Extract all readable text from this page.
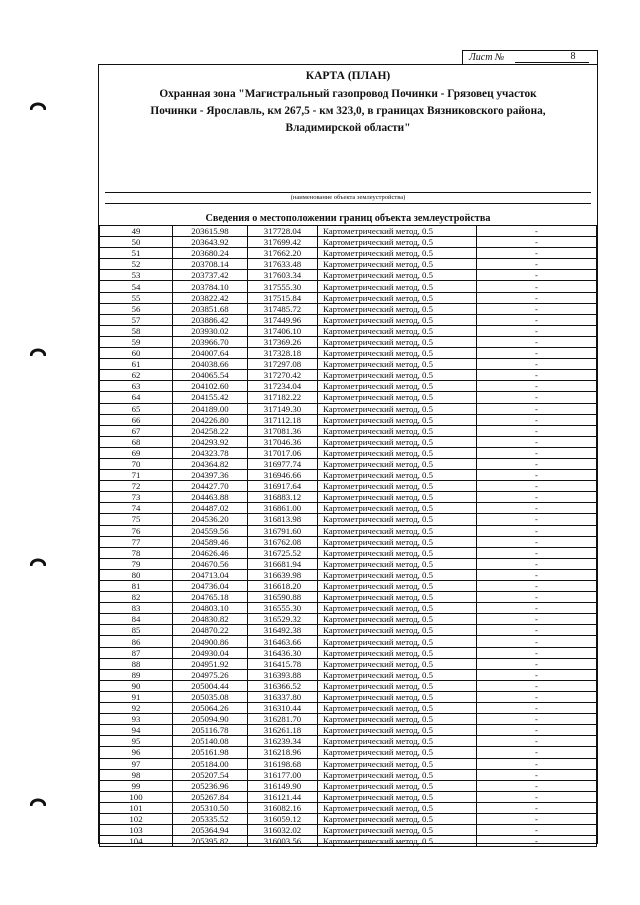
Лист №	8
КАРТА (ПЛАН)
Охранная зона "Магистральный газопровод Починки - Грязовец участок
Починки - Ярославль, км 267,5 - км 323,0, в границах Вязниковского района,
Владимирской области"
(наименование объекта землеустройства)
Сведения о местоположении границ объекта землеустройства
49	203615.98	317728.04	Картометрический метод, 0.5	-
50	203643.92	317699.42	Картометрический метод, 0.5	-
51	203680.24	317662.20	Картометрический метод, 0.5	-
52	203708.14	317633.48	Картометрический метод, 0.5	-
53	203737.42	317603.34	Картометрический метод, 0.5	-
54	203784.10	317555.30	Картометрический метод, 0.5	-
55	203822.42	317515.84	Картометрический метод, 0.5	-
56	203851.68	317485.72	Картометрический метод, 0.5	-
57	203886.42	317449.96	Картометрический метод, 0.5	-
58	203930.02	317406.10	Картометрический метод, 0.5	-
59	203966.70	317369.26	Картометрический метод, 0.5	-
60	204007.64	317328.18	Картометрический метод, 0.5	-
61	204038.66	317297.08	Картометрический метод, 0.5	-
62	204065.54	317270.42	Картометрический метод, 0.5	-
63	204102.60	317234.04	Картометрический метод, 0.5	-
64	204155.42	317182.22	Картометрический метод, 0.5	-
65	204189.00	317149.30	Картометрический метод, 0.5	-
66	204226.80	317112.18	Картометрический метод, 0.5	-
67	204258.22	317081.36	Картометрический метод, 0.5	-
68	204293.92	317046.36	Картометрический метод, 0.5	-
69	204323.78	317017.06	Картометрический метод, 0.5	-
70	204364.82	316977.74	Картометрический метод, 0.5	-
71	204397.36	316946.66	Картометрический метод, 0.5	-
72	204427.70	316917.64	Картометрический метод, 0.5	-
73	204463.88	316883.12	Картометрический метод, 0.5	-
74	204487.02	316861.00	Картометрический метод, 0.5	-
75	204536.20	316813.98	Картометрический метод, 0.5	-
76	204559.56	316791.60	Картометрический метод, 0.5	-
77	204589.46	316762.08	Картометрический метод, 0.5	-
78	204626.46	316725.52	Картометрический метод, 0.5	-
79	204670.56	316681.94	Картометрический метод, 0.5	-
80	204713.04	316639.98	Картометрический метод, 0.5	-
81	204736.04	316618.20	Картометрический метод, 0.5	-
82	204765.18	316590.88	Картометрический метод, 0.5	-
83	204803.10	316555.30	Картометрический метод, 0.5	-
84	204830.82	316529.32	Картометрический метод, 0.5	-
85	204870.22	316492.38	Картометрический метод, 0.5	-
86	204900.86	316463.66	Картометрический метод, 0.5	-
87	204930.04	316436.30	Картометрический метод, 0.5	-
88	204951.92	316415.78	Картометрический метод, 0.5	-
89	204975.26	316393.88	Картометрический метод, 0.5	-
90	205004.44	316366.52	Картометрический метод, 0.5	-
91	205035.08	316337.80	Картометрический метод, 0.5	-
92	205064.26	316310.44	Картометрический метод, 0.5	-
93	205094.90	316281.70	Картометрический метод, 0.5	-
94	205116.78	316261.18	Картометрический метод, 0.5	-
95	205140.08	316239.34	Картометрический метод, 0.5	-
96	205161.98	316218.96	Картометрический метод, 0.5	-
97	205184.00	316198.68	Картометрический метод, 0.5	-
98	205207.54	316177.00	Картометрический метод, 0.5	-
99	205236.96	316149.90	Картометрический метод, 0.5	-
100	205267.84	316121.44	Картометрический метод, 0.5	-
101	205310.50	316082.16	Картометрический метод, 0.5	-
102	205335.52	316059.12	Картометрический метод, 0.5	-
103	205364.94	316032.02	Картометрический метод, 0.5	-
104	205395.82	316003.56	Картометрический метод, 0.5	-
